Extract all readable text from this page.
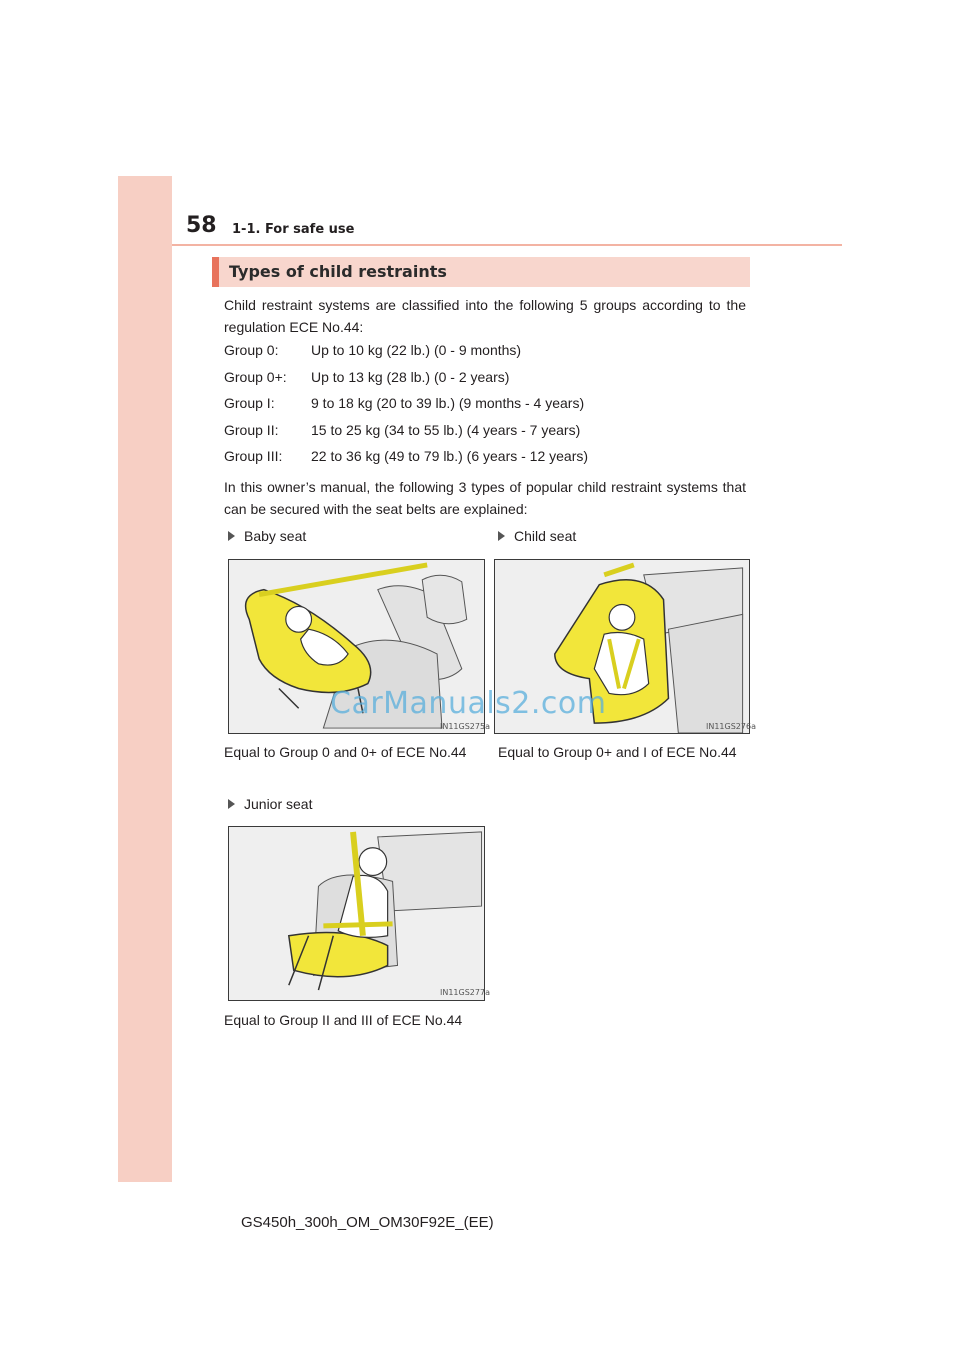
58 1-1. For safe use
Types of child restraints
Child restraint systems are classified into the following 5 groups according to the regulation ECE No.44:
Group 0: Up to 10 kg (22 lb.) (0 - 9 months)
Group 0+: Up to 13 kg (28 lb.) (0 - 2 years)
Group I:	9 to 18 kg (20 to 39 lb.) (9 months - 4 years)
Group II: 15 to 25 kg (34 to 55 lb.) (4 years - 7 years)
Group III: 22 to 36 kg (49 to 79 lb.) (6 years - 12 years)
In this owner’s manual, the following 3 types of popular child restraint systems that can be secured with the seat belts are explained:
Baby seat
IN11GS275a
Equal to Group 0 and 0+ of ECE No.44
Child seat
IN11GS276a
Equal to Group 0+ and I of ECE No.44
Junior seat
IN11GS277a
Equal to Group II and III of ECE No.44
CarManuals2.com
GS450h_300h_OM_OM30F92E_(EE)
